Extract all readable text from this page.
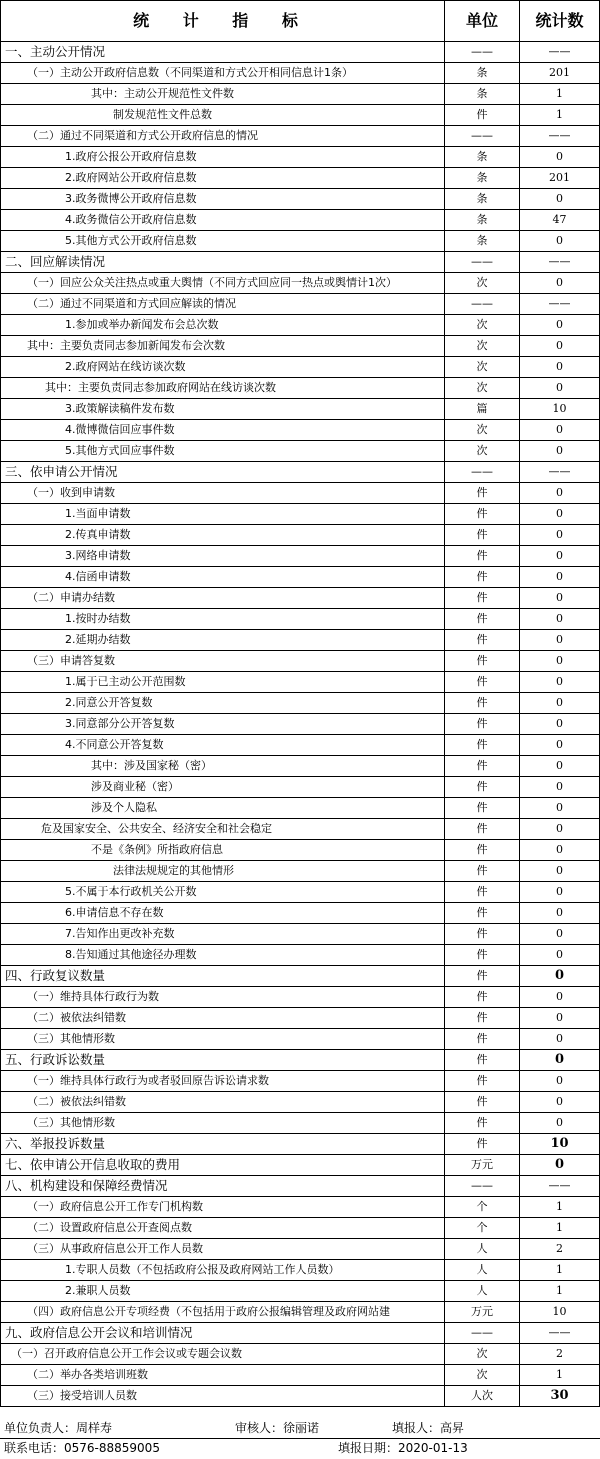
统 计 指 标	单位	统计数
一、主动公开情况	——	——
（一）主动公开政府信息数（不同渠道和方式公开相同信息计1条）	条	201
其中：主动公开规范性文件数	条	1
制发规范性文件总数	件	1
（二）通过不同渠道和方式公开政府信息的情况	——	——
1.政府公报公开政府信息数	条	0
2.政府网站公开政府信息数	条	201
3.政务微博公开政府信息数	条	0
4.政务微信公开政府信息数	条	47
5.其他方式公开政府信息数	条	0
二、回应解读情况	——	——
（一）回应公众关注热点或重大舆情（不同方式回应同一热点或舆情计1次）	次	0
（二）通过不同渠道和方式回应解读的情况	——	——
1.参加或举办新闻发布会总次数	次	0
其中：主要负责同志参加新闻发布会次数	次	0
2.政府网站在线访谈次数	次	0
其中：主要负责同志参加政府网站在线访谈次数	次	0
3.政策解读稿件发布数	篇	10
4.微博微信回应事件数	次	0
5.其他方式回应事件数	次	0
三、依申请公开情况	——	——
（一）收到申请数	件	0
1.当面申请数	件	0
2.传真申请数	件	0
3.网络申请数	件	0
4.信函申请数	件	0
（二）申请办结数	件	0
1.按时办结数	件	0
2.延期办结数	件	0
（三）申请答复数	件	0
1.属于已主动公开范围数	件	0
2.同意公开答复数	件	0
3.同意部分公开答复数	件	0
4.不同意公开答复数	件	0
其中：涉及国家秘（密）	件	0
涉及商业秘（密）	件	0
涉及个人隐私	件	0
危及国家安全、公共安全、经济安全和社会稳定	件	0
不是《条例》所指政府信息	件	0
法律法规规定的其他情形	件	0
5.不属于本行政机关公开数	件	0
6.申请信息不存在数	件	0
7.告知作出更改补充数	件	0
8.告知通过其他途径办理数	件	0
四、行政复议数量	件	0
（一）维持具体行政行为数	件	0
（二）被依法纠错数	件	0
（三）其他情形数	件	0
五、行政诉讼数量	件	0
（一）维持具体行政行为或者驳回原告诉讼请求数	件	0
（二）被依法纠错数	件	0
（三）其他情形数	件	0
六、举报投诉数量	件	10
七、依申请公开信息收取的费用	万元	0
八、机构建设和保障经费情况	——	——
（一）政府信息公开工作专门机构数	个	1
（二）设置政府信息公开查阅点数	个	1
（三）从事政府信息公开工作人员数	人	2
1.专职人员数（不包括政府公报及政府网站工作人员数）	人	1
2.兼职人员数	人	1
（四）政府信息公开专项经费（不包括用于政府公报编辑管理及政府网站建	万元	10
九、政府信息公开会议和培训情况	——	——
（一）召开政府信息公开工作会议或专题会议数	次	2
（二）举办各类培训班数	次	1
（三）接受培训人员数	人次	30
单位负责人：周样寿	审核人：徐丽诺	填报人：高昇
联系电话：0576-88859005	填报日期：2020-01-13
